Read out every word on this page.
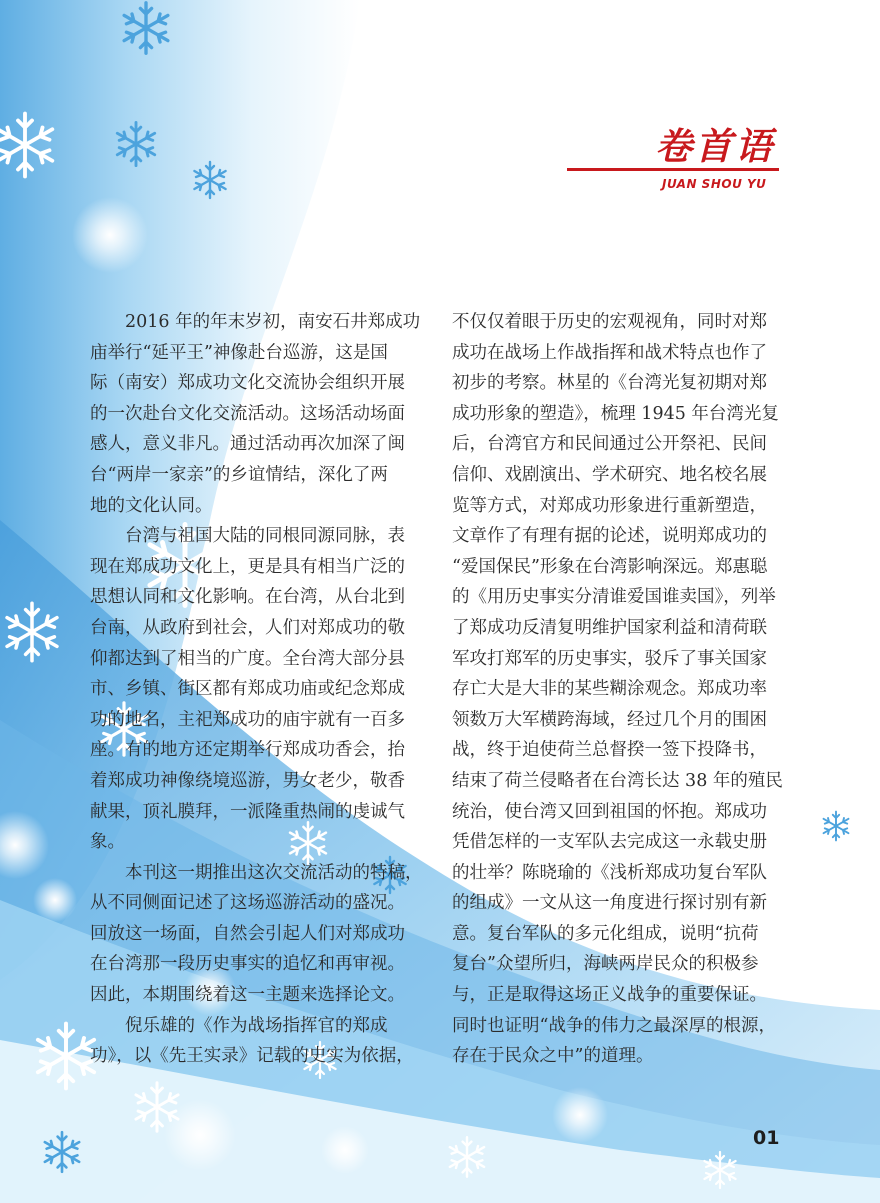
卷首语
JUAN SHOU YU
　　2016 年的年末岁初，南安石井郑成功
庙举行“延平王”神像赴台巡游，这是国
际（南安）郑成功文化交流协会组织开展
的一次赴台文化交流活动。这场活动场面
感人，意义非凡。通过活动再次加深了闽
台“两岸一家亲”的乡谊情结，深化了两
地的文化认同。
　　台湾与祖国大陆的同根同源同脉，表
现在郑成功文化上，更是具有相当广泛的
思想认同和文化影响。在台湾，从台北到
台南，从政府到社会，人们对郑成功的敬
仰都达到了相当的广度。全台湾大部分县
市、乡镇、街区都有郑成功庙或纪念郑成
功的地名，主祀郑成功的庙宇就有一百多
座。有的地方还定期举行郑成功香会，抬
着郑成功神像绕境巡游，男女老少，敬香
献果，顶礼膜拜，一派隆重热闹的虔诚气
象。
　　本刊这一期推出这次交流活动的特稿，
从不同侧面记述了这场巡游活动的盛况。
回放这一场面，自然会引起人们对郑成功
在台湾那一段历史事实的追忆和再审视。
因此，本期围绕着这一主题来选择论文。
　　倪乐雄的《作为战场指挥官的郑成
功》，以《先王实录》记载的史实为依据，
不仅仅着眼于历史的宏观视角，同时对郑
成功在战场上作战指挥和战术特点也作了
初步的考察。林星的《台湾光复初期对郑
成功形象的塑造》，梳理 1945 年台湾光复
后，台湾官方和民间通过公开祭祀、民间
信仰、戏剧演出、学术研究、地名校名展
览等方式，对郑成功形象进行重新塑造，
文章作了有理有据的论述，说明郑成功的
“爱国保民”形象在台湾影响深远。郑惠聪
的《用历史事实分清谁爱国谁卖国》，列举
了郑成功反清复明维护国家利益和清荷联
军攻打郑军的历史事实，驳斥了事关国家
存亡大是大非的某些糊涂观念。郑成功率
领数万大军横跨海域，经过几个月的围困
战，终于迫使荷兰总督揆一签下投降书，
结束了荷兰侵略者在台湾长达 38 年的殖民
统治，使台湾又回到祖国的怀抱。郑成功
凭借怎样的一支军队去完成这一永载史册
的壮举？陈晓瑜的《浅析郑成功复台军队
的组成》一文从这一角度进行探讨别有新
意。复台军队的多元化组成，说明“抗荷
复台”众望所归，海峡两岸民众的积极参
与，正是取得这场正义战争的重要保证。
同时也证明“战争的伟力之最深厚的根源，
存在于民众之中”的道理。
01
